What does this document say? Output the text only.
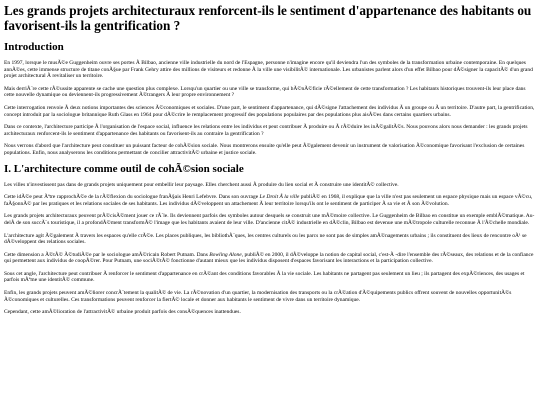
Les grands projets architecturaux renforcent-ils le sentiment d'appartenance des habitants ou favorisent-ils la gentrification ?
Introduction

En 1997, lorsque le musÃ©e Guggenheim ouvre ses portes Ã Bilbao, ancienne ville industrielle du nord de l'Espagne, personne n'imagine encore qu'il deviendra l'un des symboles de la transformation urbaine contemporaine. En quelques annÃ©es, cette immense structure de titane conÃ§ue par Frank Gehry attire des millions de visiteurs et redonne Ã la ville une visibilitÃ© internationale. Les urbanistes parlent alors d'un effet Bilbao pour dÃ©signer la capacitÃ© d'un grand projet architectural Ã revitaliser un territoire.

Mais derriÃ¨re cette rÃ©ussite apparente se cache une question plus complexe. Lorsqu'un quartier ou une ville se transforme, qui bÃ©nÃ©ficie rÃ©ellement de cette transformation ? Les habitants historiques trouvent-ils leur place dans cette nouvelle dynamique ou deviennent-ils progressivement Ã©trangers Ã leur propre environnement ?

Cette interrogation renvoie Ã deux notions importantes des sciences Ã©conomiques et sociales. D'une part, le sentiment d'appartenance, qui dÃ©signe l'attachement des individus Ã un groupe ou Ã un territoire. D'autre part, la gentrification, concept introduit par la sociologue britannique Ruth Glass en 1964 pour dÃ©crire le remplacement progressif des populations populaires par des populations plus aisÃ©es dans certains quartiers urbains.

Dans ce contexte, l'architecture participe Ã l'organisation de l'espace social, influence les relations entre les individus et peut contribuer Ã produire ou Ã rÃ©duire les inÃ©galitÃ©s. Nous pouvons alors nous demander : les grands projets architecturaux renforcent-ils le sentiment d'appartenance des habitants ou favorisent-ils au contraire la gentrification ?

Nous verrons d'abord que l'architecture peut constituer un puissant facteur de cohÃ©sion sociale. Nous montrerons ensuite qu'elle peut Ã©galement devenir un instrument de valorisation Ã©conomique favorisant l'exclusion de certaines populations. Enfin, nous analyserons les conditions permettant de concilier attractivitÃ© urbaine et justice sociale.

I. L'architecture comme outil de cohÃ©sion sociale

Les villes n'investissent pas dans de grands projets uniquement pour embellir leur paysage. Elles cherchent aussi Ã produire du lien social et Ã construire une identitÃ© collective.

Cette idÃ©e peut Ãªtre rapprochÃ©e de la rÃ©flexion du sociologue franÃ§ais Henri Lefebvre. Dans son ouvrage Le Droit Ã la ville publiÃ© en 1968, il explique que la ville n'est pas seulement un espace physique mais un espace vÃ©cu, faÃ§onnÃ© par les pratiques et les relations sociales de ses habitants. Les individus dÃ©veloppent un attachement Ã leur territoire lorsqu'ils ont le sentiment de participer Ã sa vie et Ã son Ã©volution.

Les grands projets architecturaux peuvent prÃ©cisÃ©ment jouer ce rÃ´le. Ils deviennent parfois des symboles autour desquels se construit une mÃ©moire collective. Le Guggenheim de Bilbao en constitue un exemple emblÃ©matique. Au-delÃ de son succÃ¨s touristique, il a profondÃ©ment transformÃ© l'image que les habitants avaient de leur ville. D'ancienne citÃ© industrielle en dÃ©clin, Bilbao est devenue une mÃ©tropole culturelle reconnue Ã l'Ã©chelle mondiale.

L'architecture agit Ã©galement Ã travers les espaces qu'elle crÃ©e. Les places publiques, les bibliothÃ¨ques, les centres culturels ou les parcs ne sont pas de simples amÃ©nagements urbains ; ils constituent des lieux de rencontre oÃ¹ se dÃ©veloppent des relations sociales.

Cette dimension a Ã©tÃ© Ã©tudiÃ©e par le sociologue amÃ©ricain Robert Putnam. Dans Bowling Alone, publiÃ© en 2000, il dÃ©veloppe la notion de capital social, c'est-Ã -dire l'ensemble des rÃ©seaux, des relations et de la confiance qui permettent aux individus de coopÃ©rer. Pour Putnam, une sociÃ©tÃ© fonctionne d'autant mieux que les individus disposent d'espaces favorisant les interactions et la participation collective.

Sous cet angle, l'architecture peut contribuer Ã renforcer le sentiment d'appartenance en crÃ©ant des conditions favorables Ã la vie sociale. Les habitants ne partagent pas seulement un lieu ; ils partagent des expÃ©riences, des usages et parfois mÃªme une identitÃ© commune.

Enfin, les grands projets peuvent amÃ©liorer concrÃ¨tement la qualitÃ© de vie. La rÃ©novation d'un quartier, la modernisation des transports ou la crÃ©ation d'Ã©quipements publics offrent souvent de nouvelles opportunitÃ©s Ã©conomiques et culturelles. Ces transformations peuvent renforcer la fiertÃ© locale et donner aux habitants le sentiment de vivre dans un territoire dynamique.

Cependant, cette amÃ©lioration de l'attractivitÃ© urbaine produit parfois des consÃ©quences inattendues.
